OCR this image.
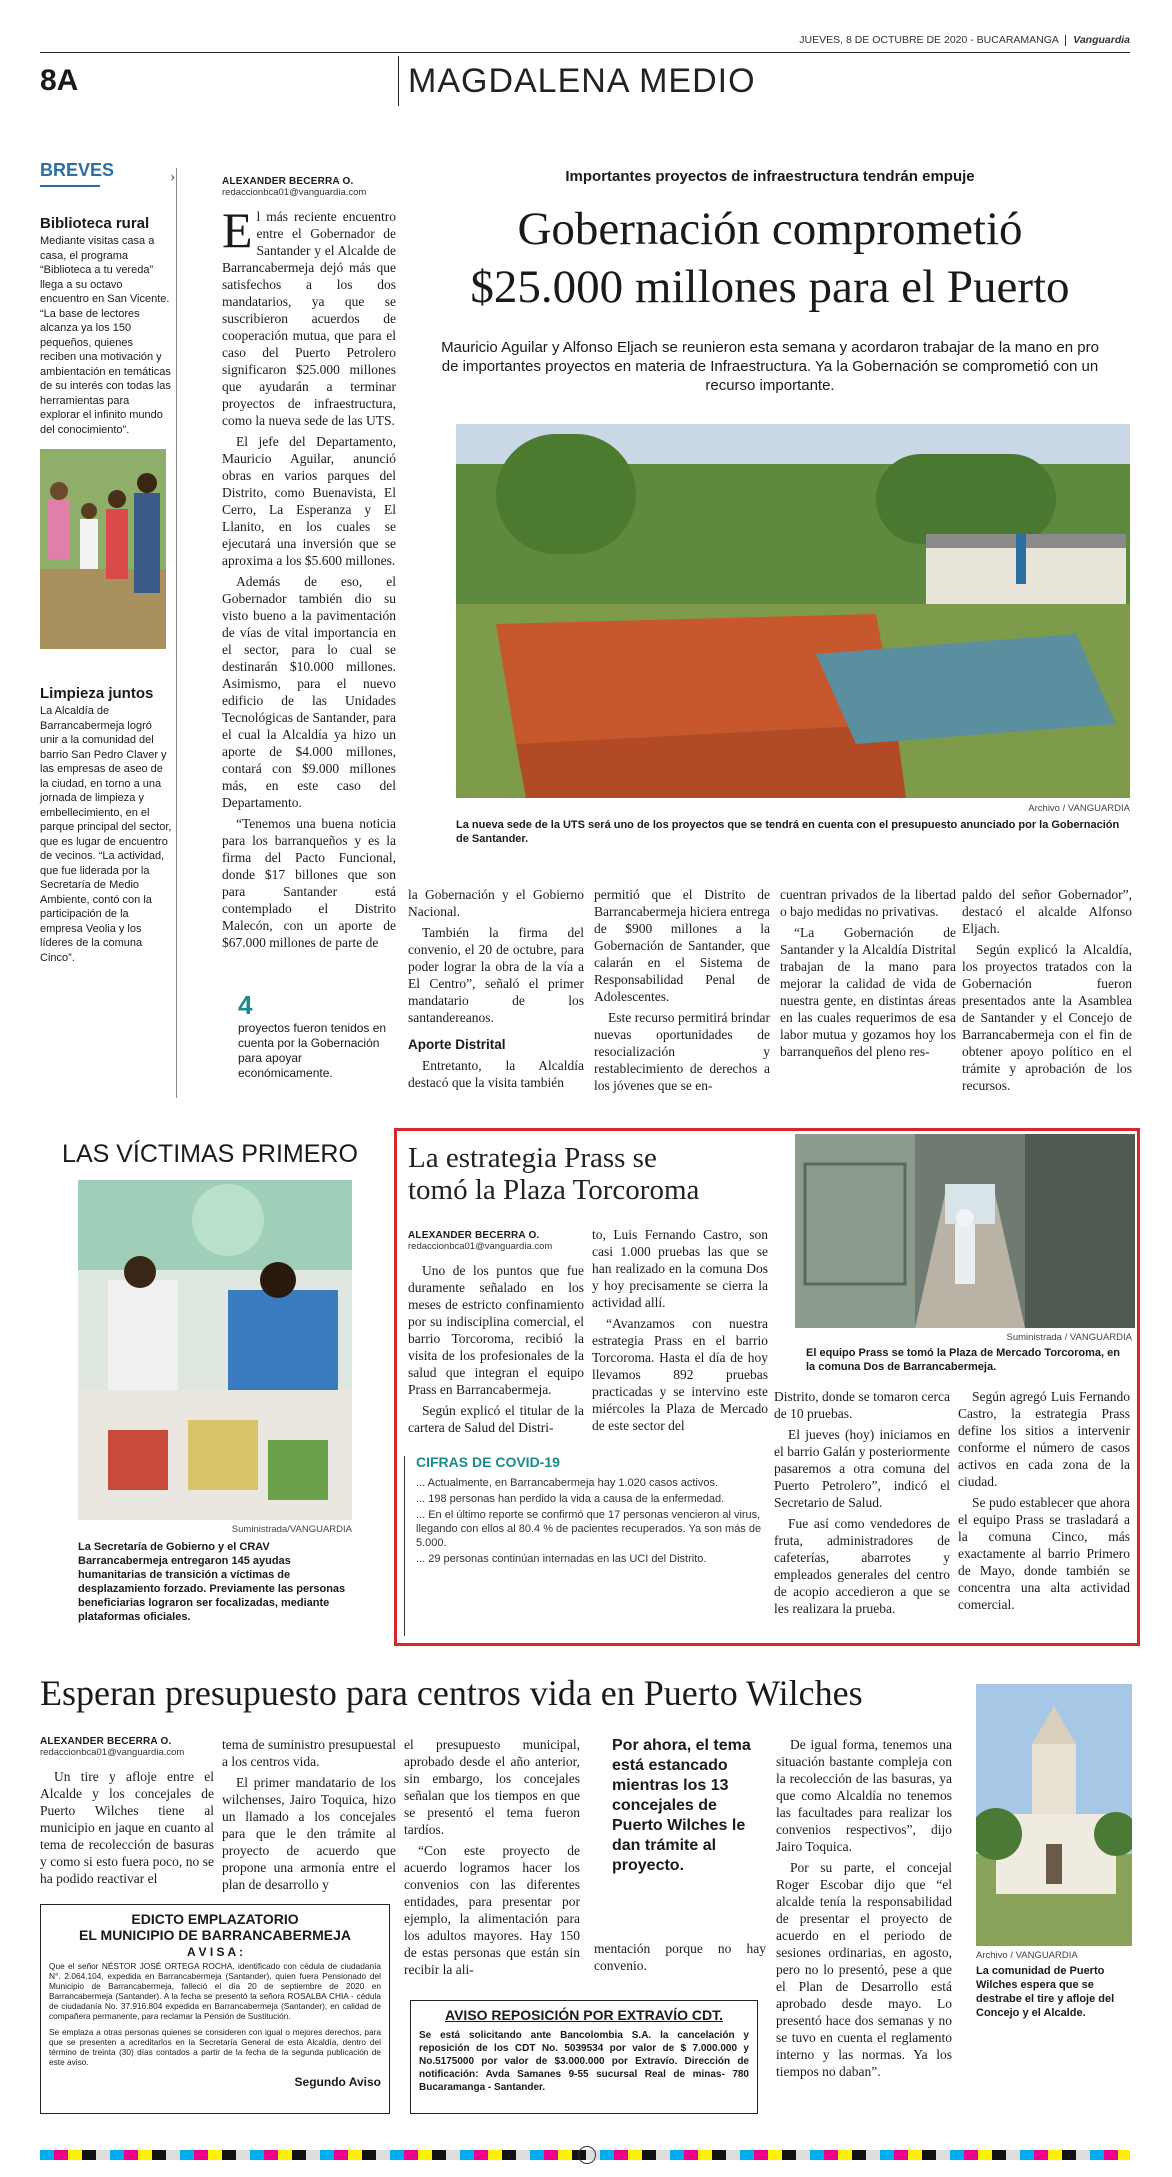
JUEVES, 8 DE OCTUBRE DE 2020 - BUCARAMANGA Vanguardia
8A	MAGDALENA MEDIO
BREVES
Biblioteca rural
Mediante visitas casa a casa, el programa “Biblioteca a tu vereda” llega a su octavo encuentro en San Vicente. “La base de lectores alcanza ya los 150 pequeños, quienes reciben una motivación y ambientación en temáticas de su interés con todas las herramientas para explorar el infinito mundo del conocimiento”.
Limpieza juntos
La Alcaldía de Barrancabermeja logró unir a la comunidad del barrio San Pedro Claver y las empresas de aseo de la ciudad, en torno a una jornada de limpieza y embellecimiento, en el parque principal del sector, que es lugar de encuentro de vecinos. “La actividad, que fue liderada por la Secretaría de Medio Ambiente, contó con la participación de la empresa Veolia y los líderes de la comuna Cinco”.
›	Importantes proyectos de infraestructura tendrán empuje
Gobernación comprometió
$25.000 millones para el Puerto
Mauricio Aguilar y Alfonso Eljach se reunieron esta semana y acordaron trabajar de la mano en pro de importantes proyectos en materia de Infraestructura. Ya la Gobernación se comprometió con un recurso importante.
ALEXANDER BECERRA O.
redaccionbca01@vanguardia.com

El más reciente encuentro entre el Gobernador de Santander y el Alcalde de Barrancabermeja dejó más que satisfechos a los dos mandatarios, ya que se suscribieron acuerdos de cooperación mutua, que para el caso del Puerto Petrolero significaron $25.000 millones que ayudarán a terminar proyectos de infraestructura, como la nueva sede de las UTS.

El jefe del Departamento, Mauricio Aguilar, anunció obras en varios parques del Distrito, como Buenavista, El Cerro, La Esperanza y El Llanito, en los cuales se ejecutará una inversión que se aproxima a los $5.600 millones.

Además de eso, el Gobernador también dio su visto bueno a la pavimentación de vías de vital importancia en el sector, para lo cual se destinarán $10.000 millones. Asimismo, para el nuevo edificio de las Unidades Tecnológicas de Santander, para el cual la Alcaldía ya hizo un aporte de $4.000 millones, contará con $9.000 millones más, en este caso del Departamento.

“Tenemos una buena noticia para los barranqueños y es la firma del Pacto Funcional, donde $17 billones que son para Santander está contemplado el Distrito Malecón, con un aporte de $67.000 millones de parte de

Archivo / VANGUARDIA
La nueva sede de la UTS será uno de los proyectos que se tendrá en cuenta con el presupuesto anunciado por la Gobernación de Santander.

la Gobernación y el Gobierno Nacional.

También la firma del convenio, el 20 de octubre, para poder lograr la obra de la vía a El Centro”, señaló el primer mandatario de los santandereanos.

Aporte Distrital

Entretanto, la Alcaldía destacó que la visita también

permitió que el Distrito de Barrancabermeja hiciera entrega de $900 millones a la Gobernación de Santander, que calarán en el Sistema de Responsabilidad Penal de Adolescentes.

Este recurso permitirá brindar nuevas oportunidades de resocialización y restablecimiento de derechos a los jóvenes que se en-

cuentran privados de la libertad o bajo medidas no privativas.

“La Gobernación de Santander y la Alcaldía Distrital trabajan de la mano para mejorar la calidad de vida de nuestra gente, en distintas áreas en las cuales requerimos de esa labor mutua y gozamos hoy los barranqueños del pleno res-

paldo del señor Gobernador”, destacó el alcalde Alfonso Eljach.

Según explicó la Alcaldía, los proyectos tratados con la Gobernación fueron presentados ante la Asamblea de Santander y el Concejo de Barrancabermeja con el fin de obtener apoyo político en el trámite y aprobación de los recursos.

4
proyectos fueron tenidos en cuenta por la Gobernación para apoyar económicamente.
LAS VÍCTIMAS PRIMERO
Suministrada/VANGUARDIA
La Secretaría de Gobierno y el CRAV Barrancabermeja entregaron 145 ayudas humanitarias de transición a víctimas de desplazamiento forzado. Previamente las personas beneficiarias lograron ser focalizadas, mediante plataformas oficiales.
La estrategia Prass se
tomó la Plaza Torcoroma
ALEXANDER BECERRA O.
redaccionbca01@vanguardia.com

Uno de los puntos que fue duramente señalado en los meses de estricto confinamiento por su indisciplina comercial, el barrio Torcoroma, recibió la visita de los profesionales de la salud que integran el equipo Prass en Barrancabermeja.

Según explicó el titular de la cartera de Salud del Distri-

to, Luis Fernando Castro, son casi 1.000 pruebas las que se han realizado en la comuna Dos y hoy precisamente se cierra la actividad allí.

“Avanzamos con nuestra estrategia Prass en el barrio Torcoroma. Hasta el día de hoy llevamos 892 pruebas practicadas y se intervino este miércoles la Plaza de Mercado de este sector del

CIFRAS DE COVID-19
... Actualmente, en Barrancabermeja hay 1.020 casos activos.
... 198 personas han perdido la vida a causa de la enfermedad.
... En el último reporte se confirmó que 17 personas vencieron al virus, llegando con ellos al 80.4 % de pacientes recuperados. Ya son más de 5.000.
... 29 personas continúan internadas en las UCI del Distrito.
Suministrada / VANGUARDIA
El equipo Prass se tomó la Plaza de Mercado Torcoroma, en la comuna Dos de Barrancabermeja.

Distrito, donde se tomaron cerca de 10 pruebas.

El jueves (hoy) iniciamos en el barrio Galán y posteriormente pasaremos a otra comuna del Puerto Petrolero”, indicó el Secretario de Salud.

Fue así como vendedores de fruta, administradores de cafeterías, abarrotes y empleados generales del centro de acopio accedieron a que se les realizara la prueba.

Según agregó Luis Fernando Castro, la estrategia Prass define los sitios a intervenir conforme el número de casos activos en cada zona de la ciudad.

Se pudo establecer que ahora el equipo Prass se trasladará a la comuna Cinco, más exactamente al barrio Primero de Mayo, donde también se concentra una alta actividad comercial.

Esperan presupuesto para centros vida en Puerto Wilches
ALEXANDER BECERRA O.
redaccionbca01@vanguardia.com

Un tire y afloje entre el Alcalde y los concejales de Puerto Wilches tiene al municipio en jaque en cuanto al tema de recolección de basuras y como si esto fuera poco, no se ha podido reactivar el

tema de suministro presupuestal a los centros vida.

El primer mandatario de los wilchenses, Jairo Toquica, hizo un llamado a los concejales para que le den trámite al proyecto de acuerdo que propone una armonía entre el plan de desarrollo y

el presupuesto municipal, aprobado desde el año anterior, sin embargo, los concejales señalan que los tiempos en que se presentó el tema fueron tardíos.

“Con este proyecto de acuerdo logramos hacer los convenios con las diferentes entidades, para presentar por ejemplo, la alimentación para los adultos mayores. Hay 150 de estas personas que están sin recibir la ali-

Por ahora, el tema está estancado mientras los 13 concejales de Puerto Wilches le dan trámite al proyecto.

mentación porque no hay convenio.

De igual forma, tenemos una situación bastante compleja con la recolección de las basuras, ya que como Alcaldía no tenemos las facultades para realizar los convenios respectivos”, dijo Jairo Toquica.

Por su parte, el concejal Roger Escobar dijo que “el alcalde tenía la responsabilidad de presentar el proyecto de acuerdo en el periodo de sesiones ordinarias, en agosto, pero no lo presentó, pese a que el Plan de Desarrollo está aprobado desde mayo. Lo presentó hace dos semanas y no se tuvo en cuenta el reglamento interno y las normas. Ya los tiempos no daban”.

Archivo / VANGUARDIA
La comunidad de Puerto Wilches espera que se destrabe el tire y afloje del Concejo y el Alcalde.
EDICTO EMPLAZATORIO
EL MUNICIPIO DE BARRANCABERMEJA
A V I S A :
Que el señor NÉSTOR JOSÉ ORTEGA ROCHA, identificado con cédula de ciudadanía N°. 2.064.104, expedida en Barrancabermeja (Santander), quien fuera Pensionado del Municipio de Barrancabermeja, falleció el día 20 de septiembre de 2020 en Barrancabermeja (Santander). A la fecha se presentó la señora ROSALBA CHIA - cédula de ciudadanía No. 37.916.804 expedida en Barrancabermeja (Santander), en calidad de compañera permanente, para reclamar la Pensión de Sustitución.
Se emplaza a otras personas quienes se consideren con igual o mejores derechos, para que se presenten a acreditarlos en la Secretaría General de esta Alcaldía, dentro del término de treinta (30) días contados a partir de la fecha de la segunda publicación de este aviso.
Segundo Aviso
AVISO REPOSICIÓN POR EXTRAVÍO CDT.
Se está solicitando ante Bancolombia S.A. la cancelación y reposición de los CDT No. 5039534 por valor de $ 7.000.000 y No.5175000 por valor de $3.000.000 por Extravío. Dirección de notificación: Avda Samanes 9-55 sucursal Real de minas- 780 Bucaramanga - Santander.
